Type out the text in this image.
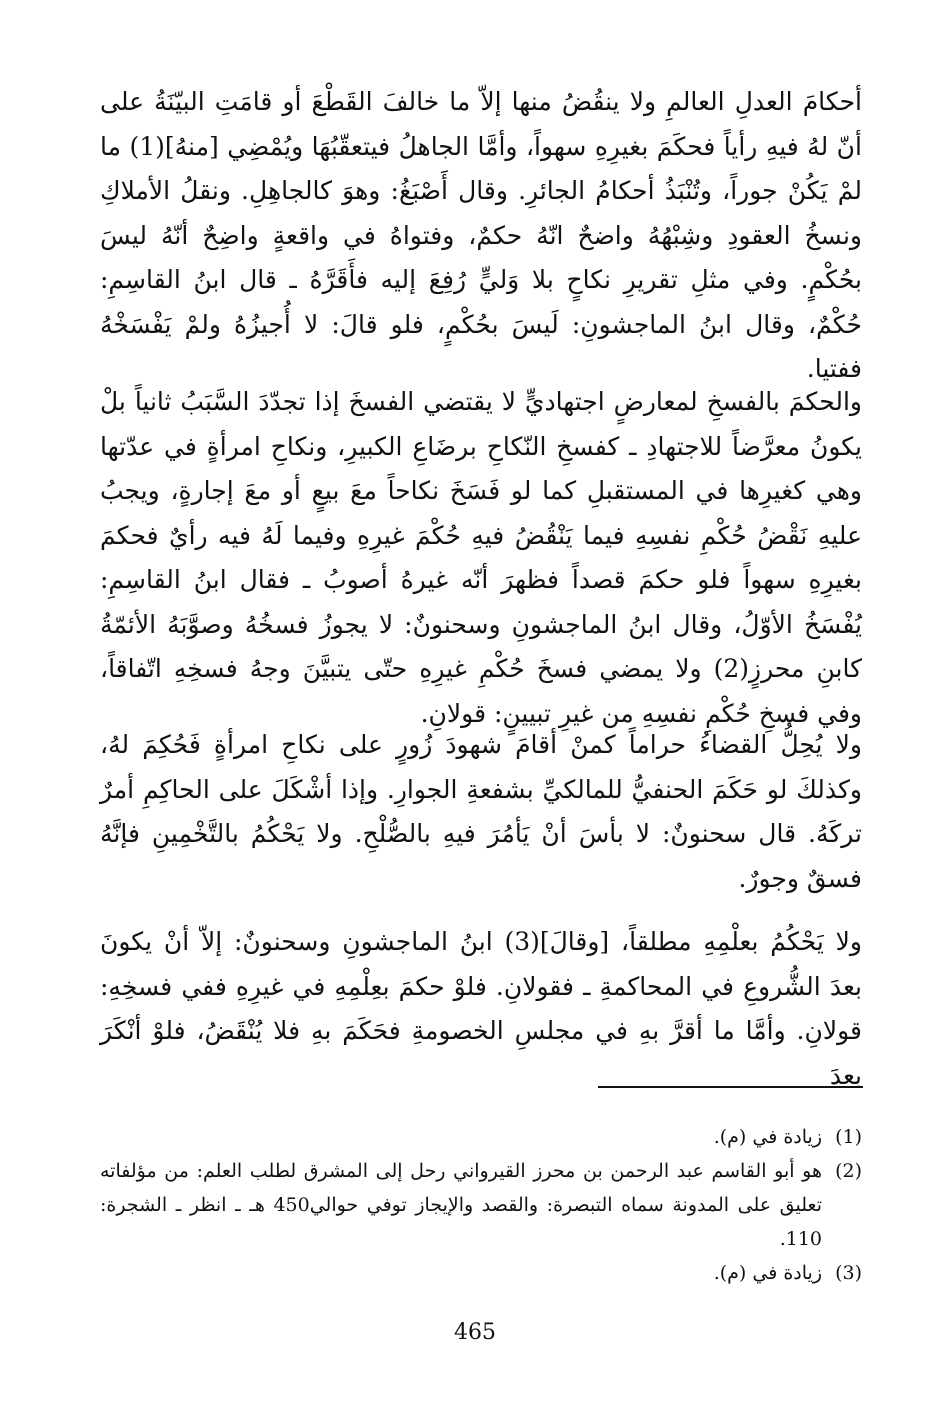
أحكامَ العدلِ العالمِ ولا ينقُضُ منها إلاّ ما خالفَ القَطْعَ أو قامَتِ البيّنَةُ على أنّ لهُ فيهِ رأياً فحكَمَ بغيرِهِ سهواً، وأمَّا الجاهلُ فيتعقّبُهَا ويُمْضِي [منهُ](1) ما لمْ يَكُنْ جوراً، وتُنْبَذُ أحكامُ الجائرِ. وقال أَصْبَغُ: وهوَ كالجاهِلِ. ونقلُ الأملاكِ ونسخُ العقودِ وشِبْهُهُ واضحٌ انّهُ حكمٌ، وفتواهُ في واقعةٍ واضِحٌ أنّهُ ليسَ بحُكْمٍ. وفي مثلِ تقريرِ نكاحٍ بلا وَليٍّ رُفِعَ إليه فأَقَرَّهُ ـ قال ابنُ القاسِمِ: حُكْمٌ، وقال ابنُ الماجشونِ: لَيسَ بحُكْمٍ، فلو قالَ: لا أُجيزُهُ ولمْ يَفْسَخْهُ ففتيا.

والحكمَ بالفسخِ لمعارضٍ اجتهاديٍّ لا يقتضي الفسخَ إذا تجدّدَ السَّبَبُ ثانياً بلْ يكونُ معرَّضاً للاجتهادِ ـ كفسخِ النّكاحِ برضَاعِ الكبيرِ، ونكاحِ امرأةٍ في عدّتها وهي كغيرِها في المستقبلِ كما لو فَسَخَ نكاحاً معَ بيعٍ أو معَ إجارةٍ، ويجبُ عليهِ نَقْضُ حُكْمِ نفسِهِ فيما يَنْقُضُ فيهِ حُكْمَ غيرِهِ وفيما لَهُ فيه رأيٌ فحكمَ بغيرِهِ سهواً فلو حكمَ قصداً فظهرَ أنّه غيرهُ أصوبُ ـ فقال ابنُ القاسِمِ: يُفْسَخُ الأوّلُ، وقال ابنُ الماجشونِ وسحنونٌ: لا يجوزُ فسخُهُ وصوَّبَهُ الأئمّةُ كابنِ محرزٍ(2) ولا يمضي فسخَ حُكْمِ غيرِهِ حتّى يتبيَّنَ وجهُ فسخِهِ اتّفاقاً، وفي فسخِ حُكْمِ نفسِهِ من غيرِ تبيينٍ: قولانِ.

ولا يُحِلُّ القضاءُ حراماً كمنْ أقامَ شهودَ زُورٍ على نكاحِ امرأةٍ فَحُكِمَ لهُ، وكذلكَ لو حَكَمَ الحنفيُّ للمالكيِّ بشفعةِ الجوارِ. وإذا أشْكَلَ على الحاكِمِ أمرٌ تركَهُ. قال سحنونٌ: لا بأسَ أنْ يَأمُرَ فيهِ بالصُّلْحِ. ولا يَحْكُمُ بالتَّخْمِينِ فإنَّهُ فسقٌ وجورٌ.

ولا يَحْكُمُ بعلْمِهِ مطلقاً، [وقالَ](3) ابنُ الماجشونِ وسحنونٌ: إلاّ أنْ يكونَ بعدَ الشُّروعِ في المحاكمةِ ـ فقولانِ. فلوْ حكمَ بعِلْمِهِ في غيرِهِ ففي فسخِهِ: قولانِ. وأمَّا ما أقرَّ بهِ في مجلسِ الخصومةِ فحَكَمَ بهِ فلا يُنْقَضُ، فلوْ أنْكَرَ بعدَ

(1)
زيادة في (م).
(2)
هو أبو القاسم عبد الرحمن بن محرز القيرواني رحل إلى المشرق لطلب العلم: من مؤلفاته تعليق على المدونة سماه التبصرة: والقصد والإيجاز توفي حوالي450 هـ ـ انظر ـ الشجرة: 110.
(3)
زيادة في (م).
465
